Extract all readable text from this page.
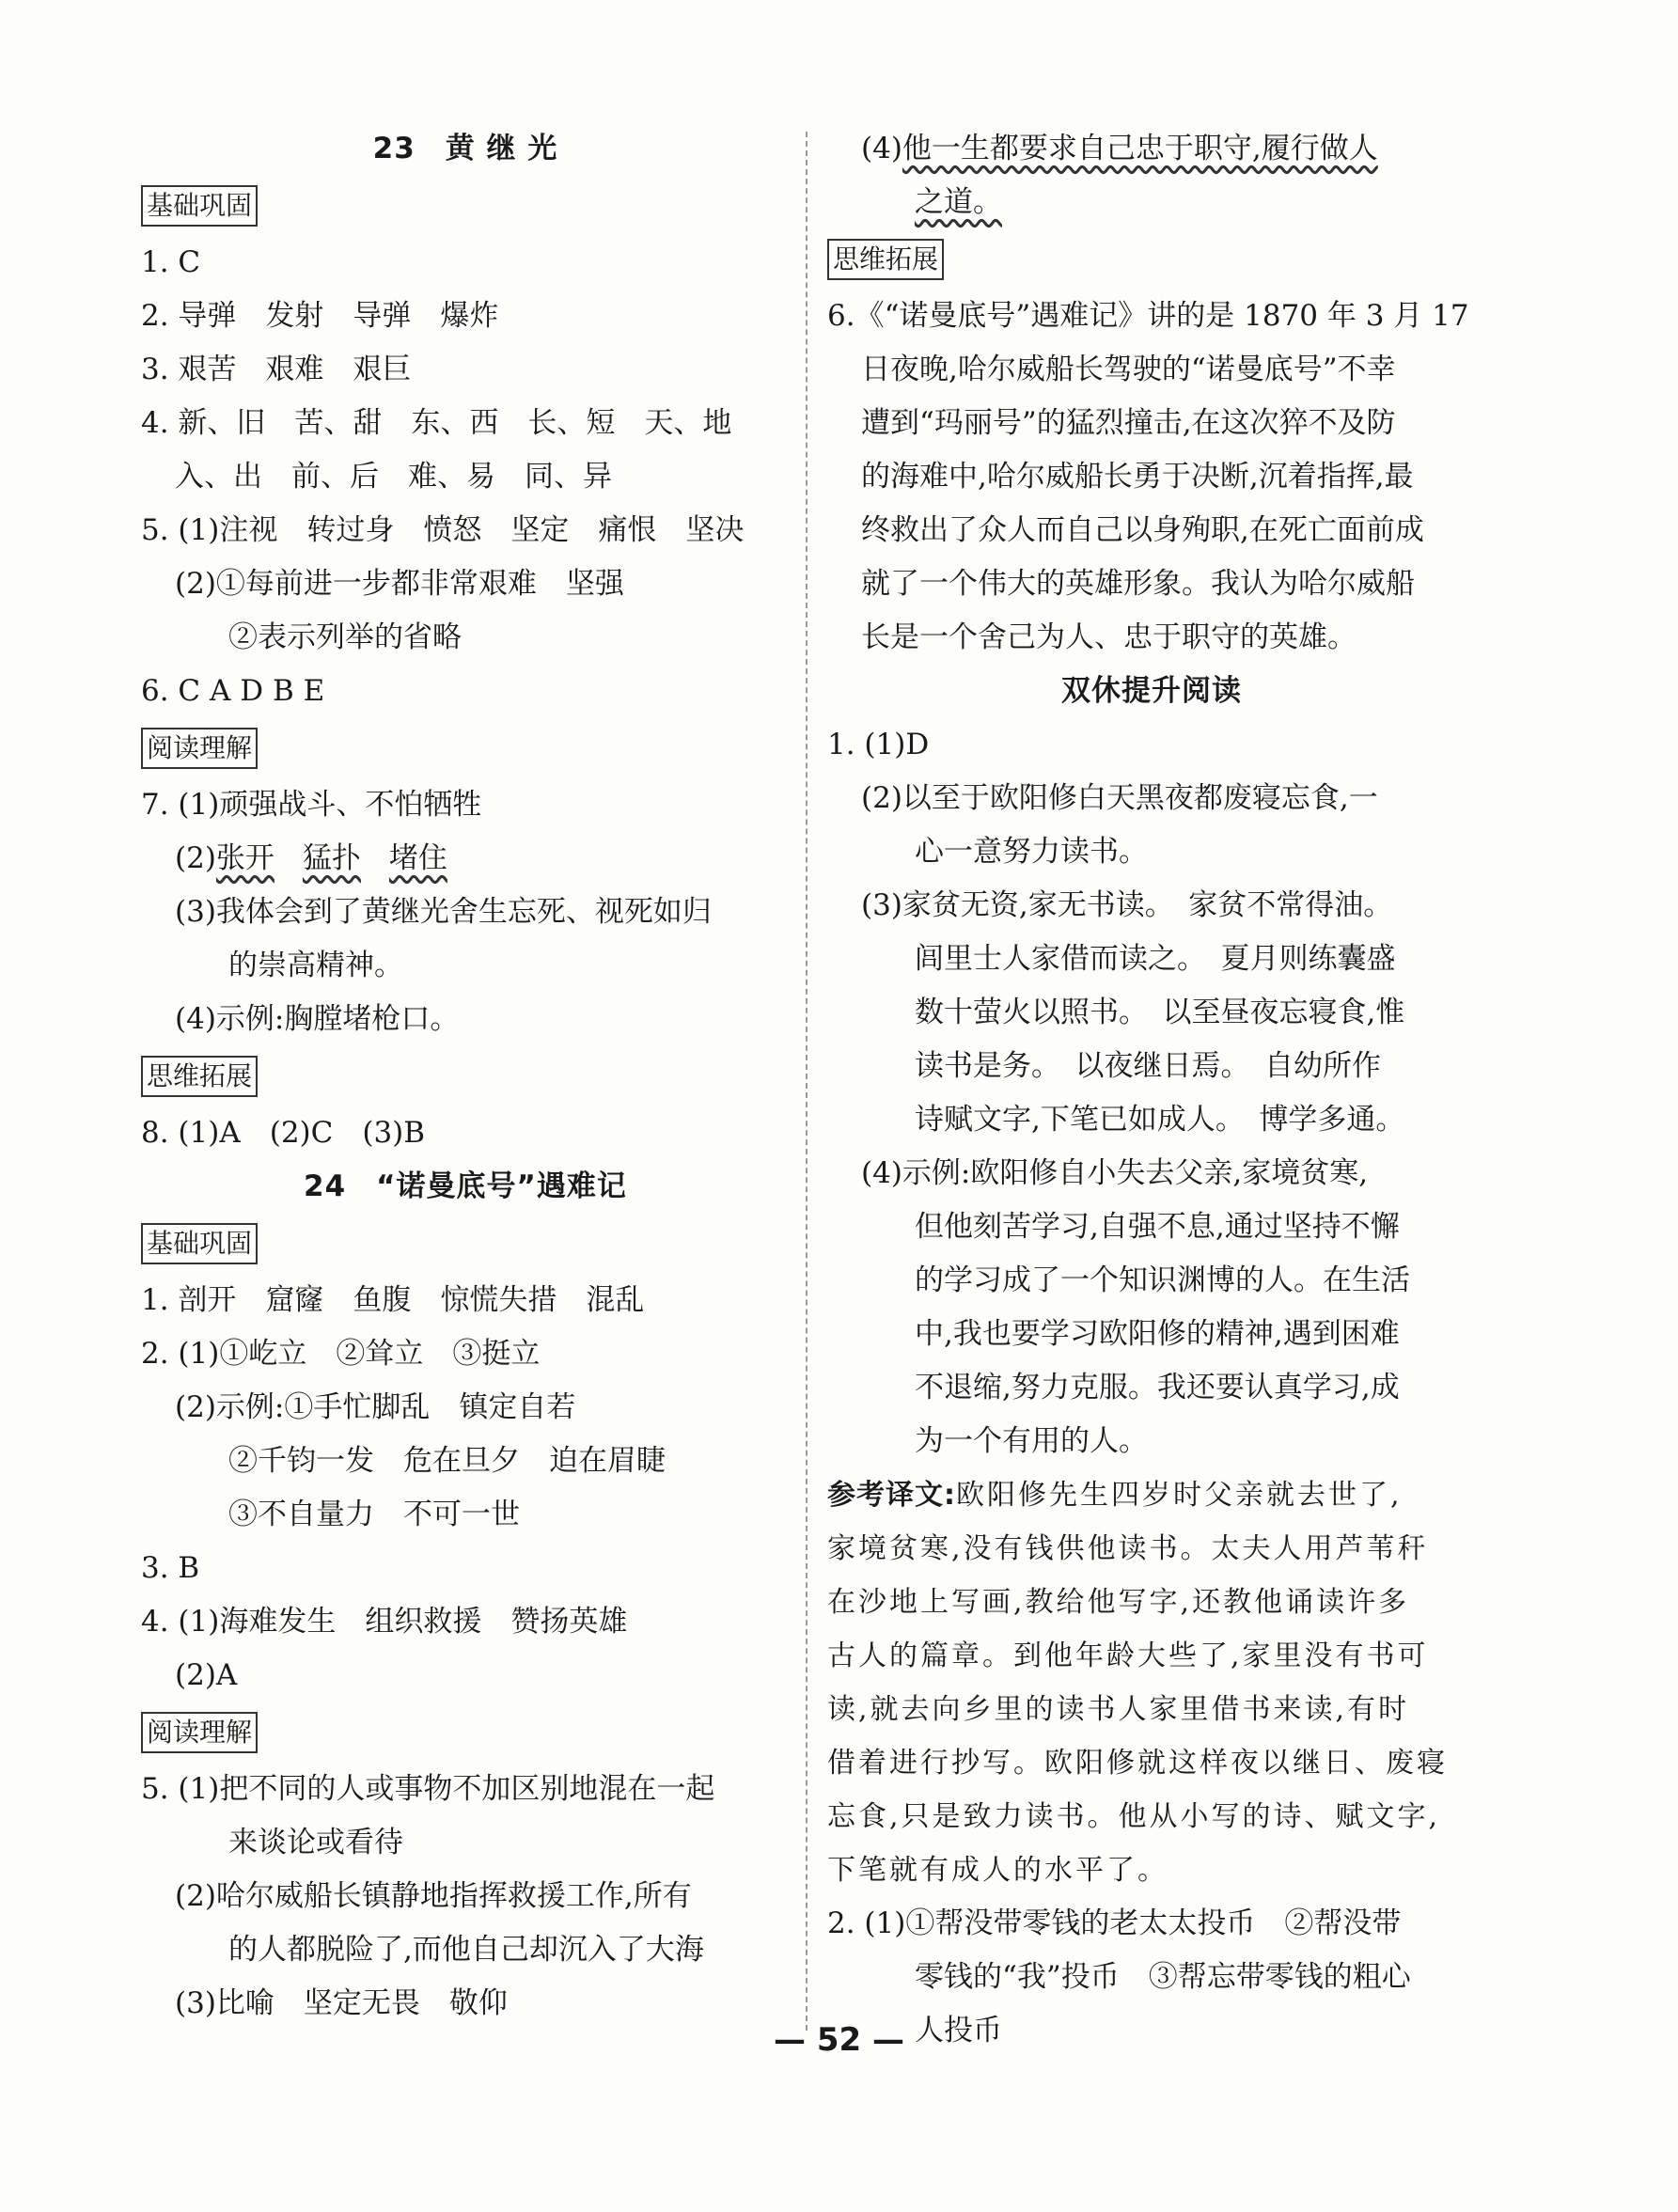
23　黄 继 光
基础巩固
1. C
2. 导弹　发射　导弹　爆炸
3. 艰苦　艰难　艰巨
4. 新、旧　苦、甜　东、西　长、短　天、地
入、出　前、后　难、易　同、异
5. (1)注视　转过身　愤怒　坚定　痛恨　坚决
(2)①每前进一步都非常艰难　坚强
②表示列举的省略
6. C A D B E
阅读理解
7. (1)顽强战斗、不怕牺牲
(2)张开 猛扑 堵住
(3)我体会到了黄继光舍生忘死、视死如归
的崇高精神。
(4)示例:胸膛堵枪口。
思维拓展
8. (1)A　(2)C　(3)B
24　“诺曼底号”遇难记
基础巩固
1. 剖开　窟窿　鱼腹　惊慌失措　混乱
2. (1)①屹立　②耸立　③挺立
(2)示例:①手忙脚乱　镇定自若
②千钧一发　危在旦夕　迫在眉睫
③不自量力　不可一世
3. B
4. (1)海难发生　组织救援　赞扬英雄
(2)A
阅读理解
5. (1)把不同的人或事物不加区别地混在一起
来谈论或看待
(2)哈尔威船长镇静地指挥救援工作,所有
的人都脱险了,而他自己却沉入了大海
(3)比喻　坚定无畏　敬仰
(4)他一生都要求自己忠于职守,履行做人
之道。
思维拓展
6.《“诺曼底号”遇难记》讲的是 1870 年 3 月 17
日夜晚,哈尔威船长驾驶的“诺曼底号”不幸
遭到“玛丽号”的猛烈撞击,在这次猝不及防
的海难中,哈尔威船长勇于决断,沉着指挥,最
终救出了众人而自己以身殉职,在死亡面前成
就了一个伟大的英雄形象。我认为哈尔威船
长是一个舍己为人、忠于职守的英雄。
双休提升阅读
1. (1)D
(2)以至于欧阳修白天黑夜都废寝忘食,一
心一意努力读书。
(3)家贫无资,家无书读。　家贫不常得油。
闾里士人家借而读之。　夏月则练囊盛
数十萤火以照书。　以至昼夜忘寝食,惟
读书是务。　以夜继日焉。　自幼所作
诗赋文字,下笔已如成人。　博学多通。
(4)示例:欧阳修自小失去父亲,家境贫寒,
但他刻苦学习,自强不息,通过坚持不懈
的学习成了一个知识渊博的人。在生活
中,我也要学习欧阳修的精神,遇到困难
不退缩,努力克服。我还要认真学习,成
为一个有用的人。
参考译文:欧阳修先生四岁时父亲就去世了,
家境贫寒,没有钱供他读书。太夫人用芦苇秆
在沙地上写画,教给他写字,还教他诵读许多
古人的篇章。到他年龄大些了,家里没有书可
读,就去向乡里的读书人家里借书来读,有时
借着进行抄写。欧阳修就这样夜以继日、废寝
忘食,只是致力读书。他从小写的诗、赋文字,
下笔就有成人的水平了。
2. (1)①帮没带零钱的老太太投币　②帮没带
零钱的“我”投币　③帮忘带零钱的粗心
人投币
— 52 —
